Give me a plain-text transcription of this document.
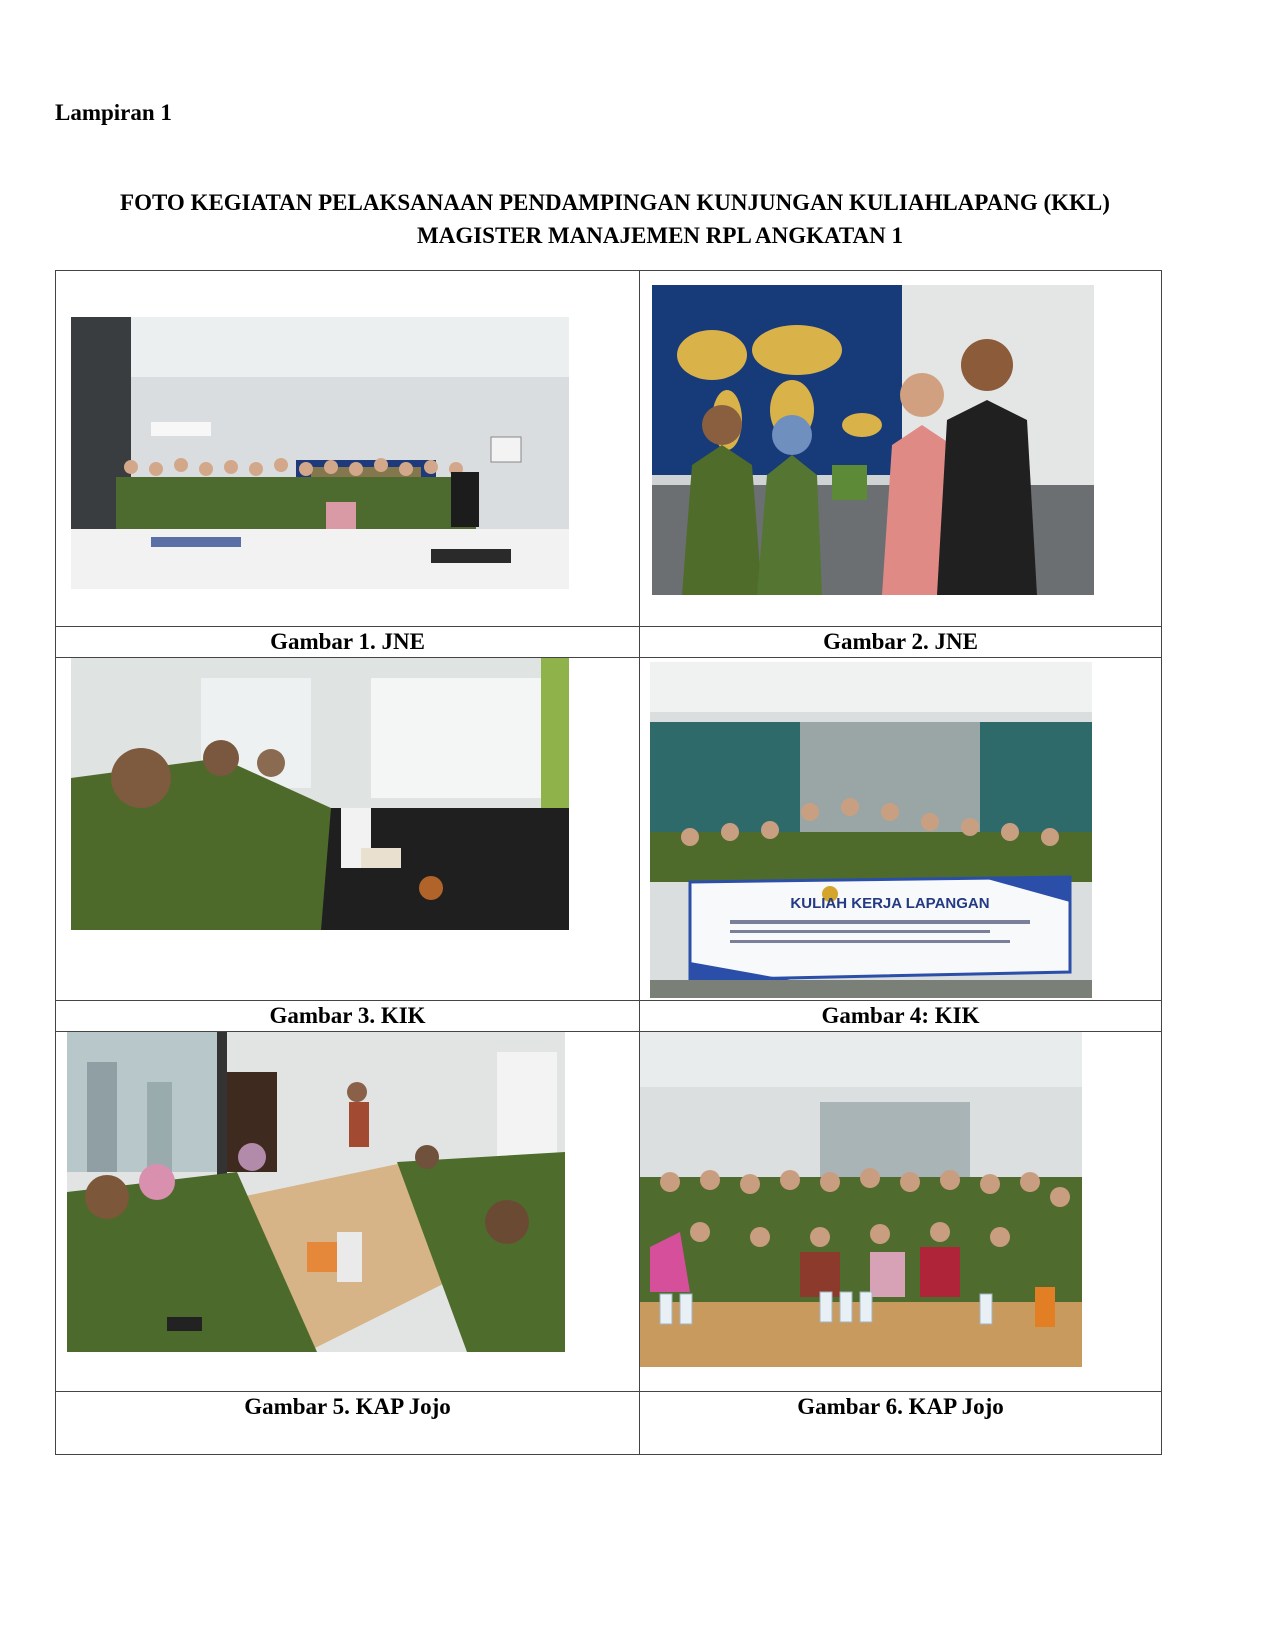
Lampiran 1
FOTO KEGIATAN PELAKSANAAN PENDAMPINGAN KUNJUNGAN KULIAHLAPANG (KKL)
MAGISTER MANAJEMEN RPL ANGKATAN 1

Gambar 1. JNE	Gambar 2. JNE

KULIAH KERJA LAPANGAN

Gambar 3. KIK	Gambar 4: KIK

Gambar 5. KAP Jojo	Gambar 6. KAP Jojo
